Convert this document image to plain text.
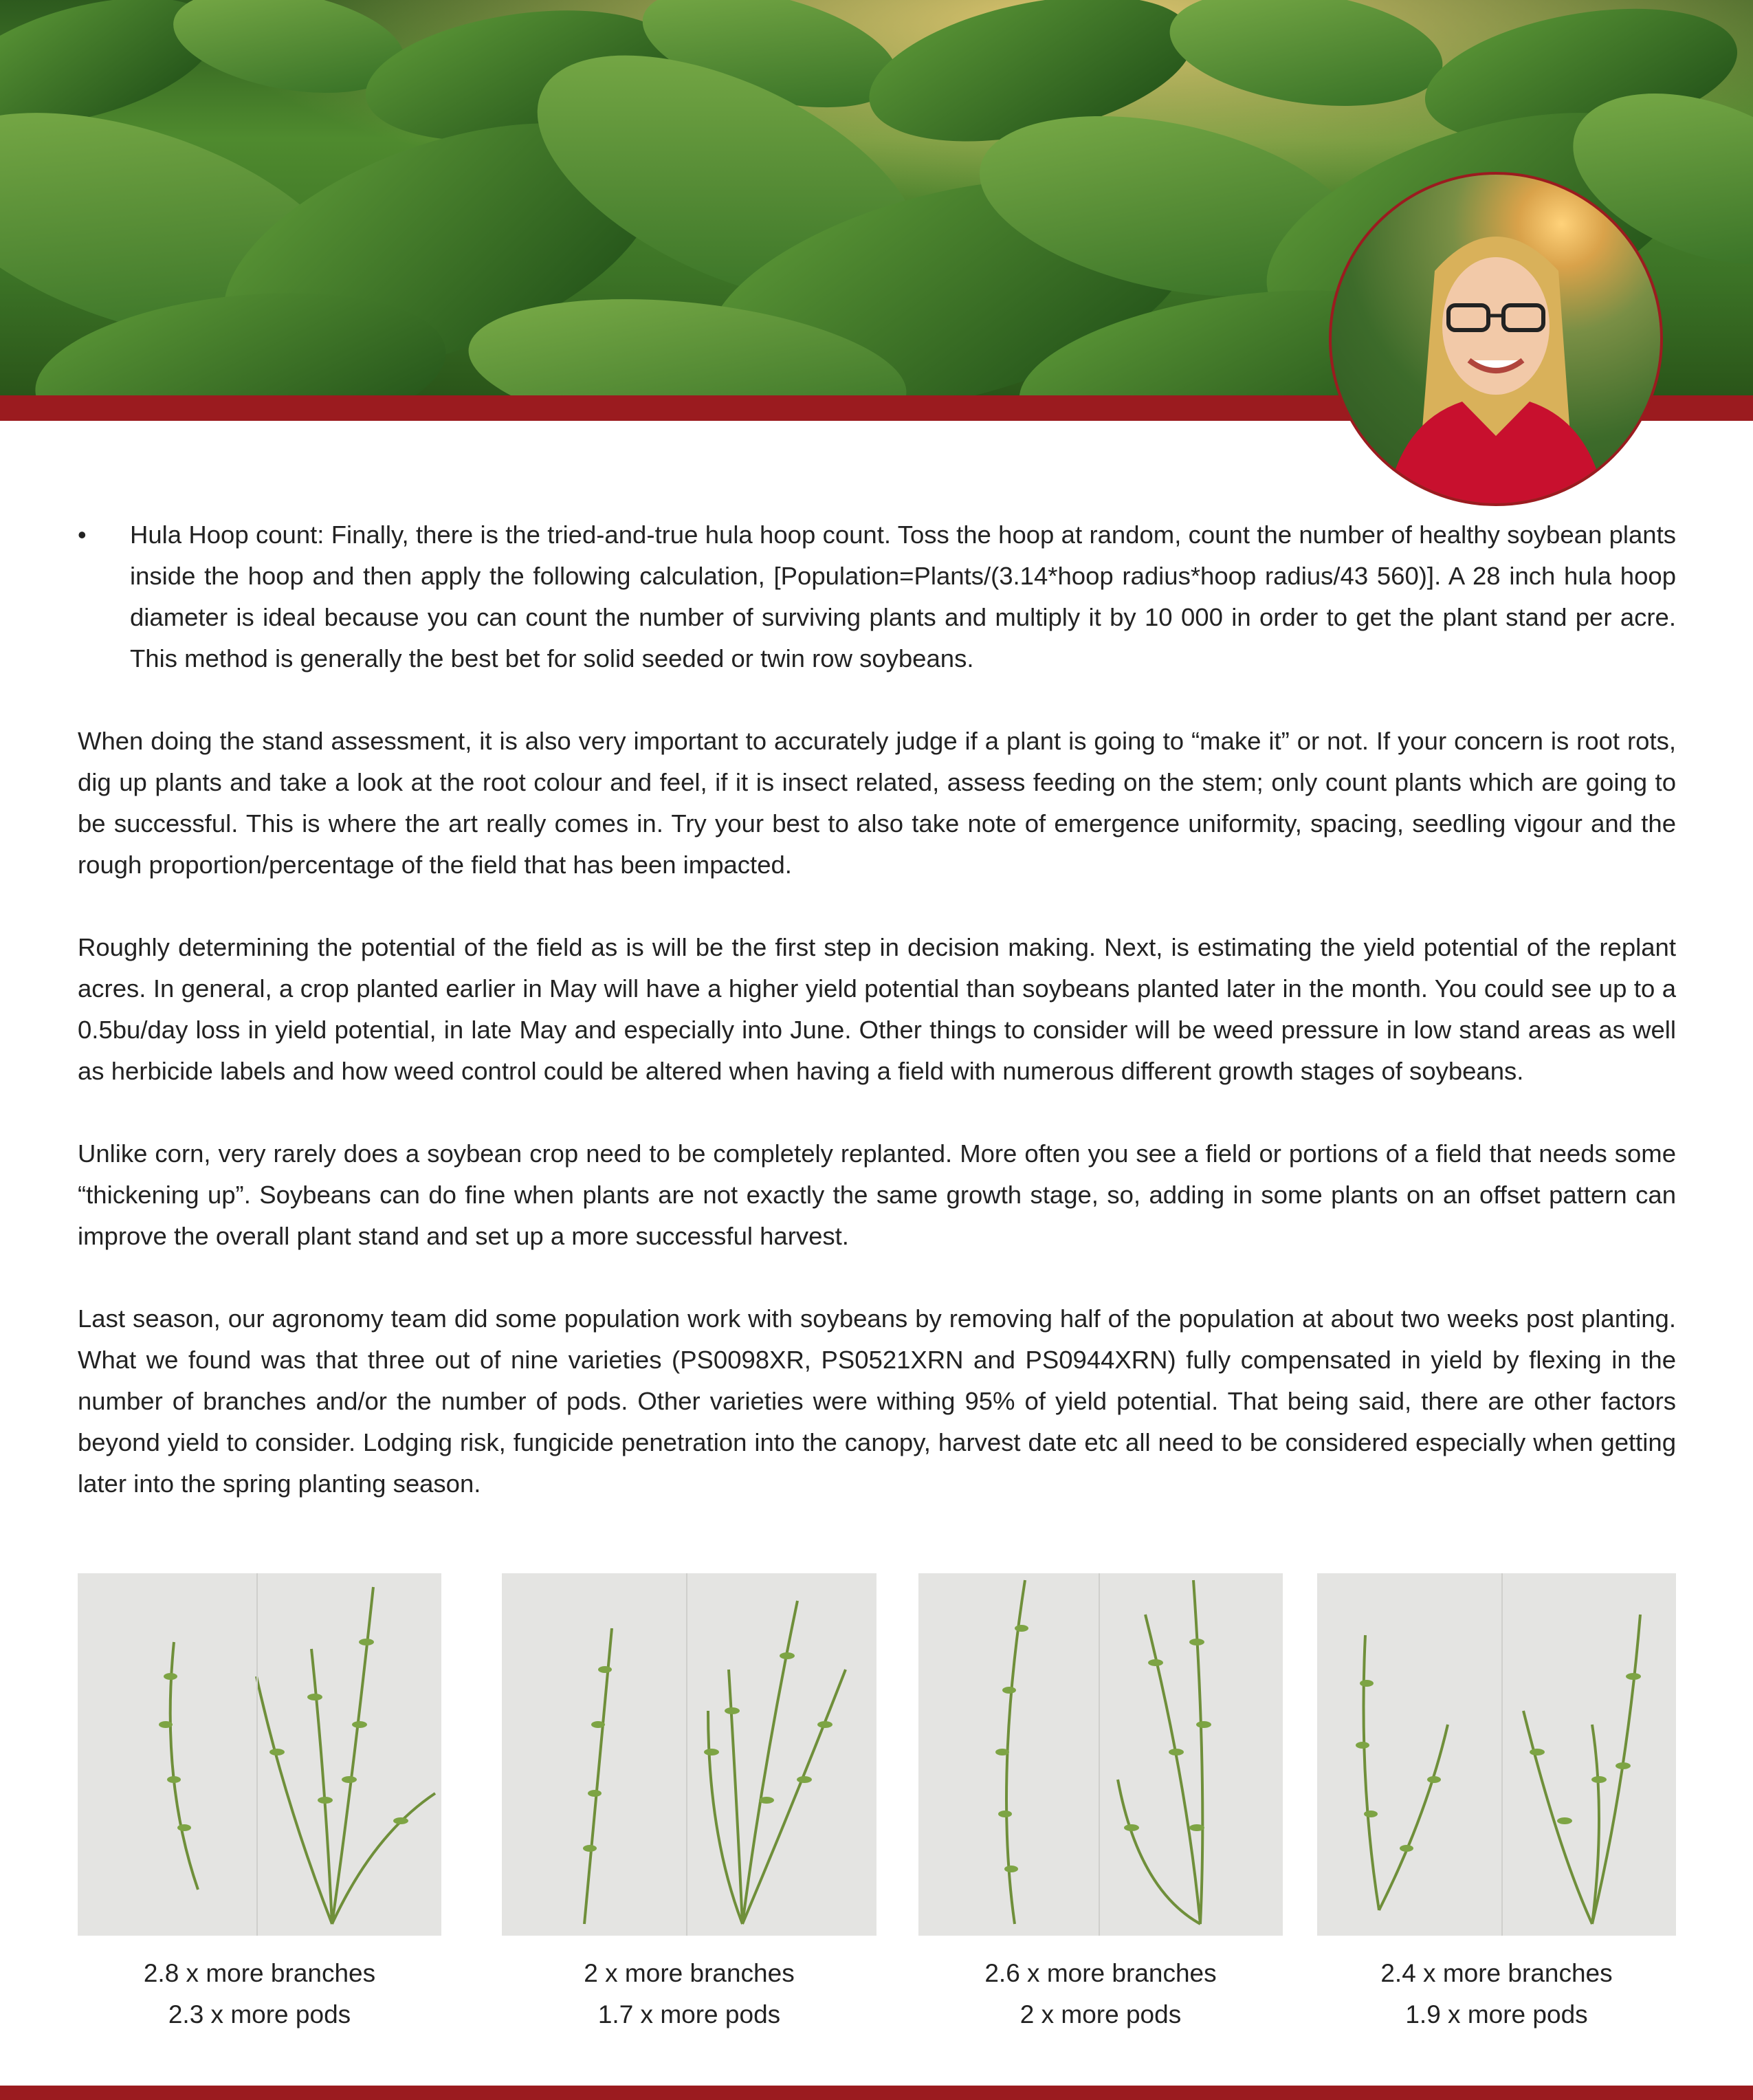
• Hula Hoop count: Finally, there is the tried-and-true hula hoop count. Toss the hoop at random, count the number of healthy soybean plants inside the hoop and then apply the following calculation, [Population=Plants/(3.14*hoop radius*hoop radius/43 560)]. A 28 inch hula hoop diameter is ideal because you can count the number of surviving plants and multiply it by 10 000 in order to get the plant stand per acre. This method is generally the best bet for solid seeded or twin row soybeans.

When doing the stand assessment, it is also very important to accurately judge if a plant is going to “make it” or not. If your concern is root rots, dig up plants and take a look at the root colour and feel, if it is insect related, assess feeding on the stem; only count plants which are going to be successful. This is where the art really comes in. Try your best to also take note of emergence uniformity, spacing, seedling vigour and the rough proportion/percentage of the field that has been impacted.

Roughly determining the potential of the field as is will be the first step in decision making. Next, is estimating the yield potential of the replant acres. In general, a crop planted earlier in May will have a higher yield potential than soybeans planted later in the month. You could see up to a 0.5bu/day loss in yield potential, in late May and especially into June. Other things to consider will be weed pressure in low stand areas as well as herbicide labels and how weed control could be altered when having a field with numerous different growth stages of soybeans.

Unlike corn, very rarely does a soybean crop need to be completely replanted. More often you see a field or portions of a field that needs some “thickening up”. Soybeans can do fine when plants are not exactly the same growth stage, so, adding in some plants on an offset pattern can improve the overall plant stand and set up a more successful harvest.

Last season, our agronomy team did some population work with soybeans by removing half of the population at about two weeks post planting. What we found was that three out of nine varieties (PS0098XR, PS0521XRN and PS0944XRN) fully compensated in yield by flexing in the number of branches and/or the number of pods. Other varieties were withing 95% of yield potential. That being said, there are other factors beyond yield to consider. Lodging risk, fungicide penetration into the canopy, harvest date etc all need to be considered especially when getting later into the spring planting season.

2.8 x more branches
2.3 x more pods
2 x more branches
1.7 x more pods
2.6 x more branches
2 x more pods
2.4 x more branches
1.9 x more pods
